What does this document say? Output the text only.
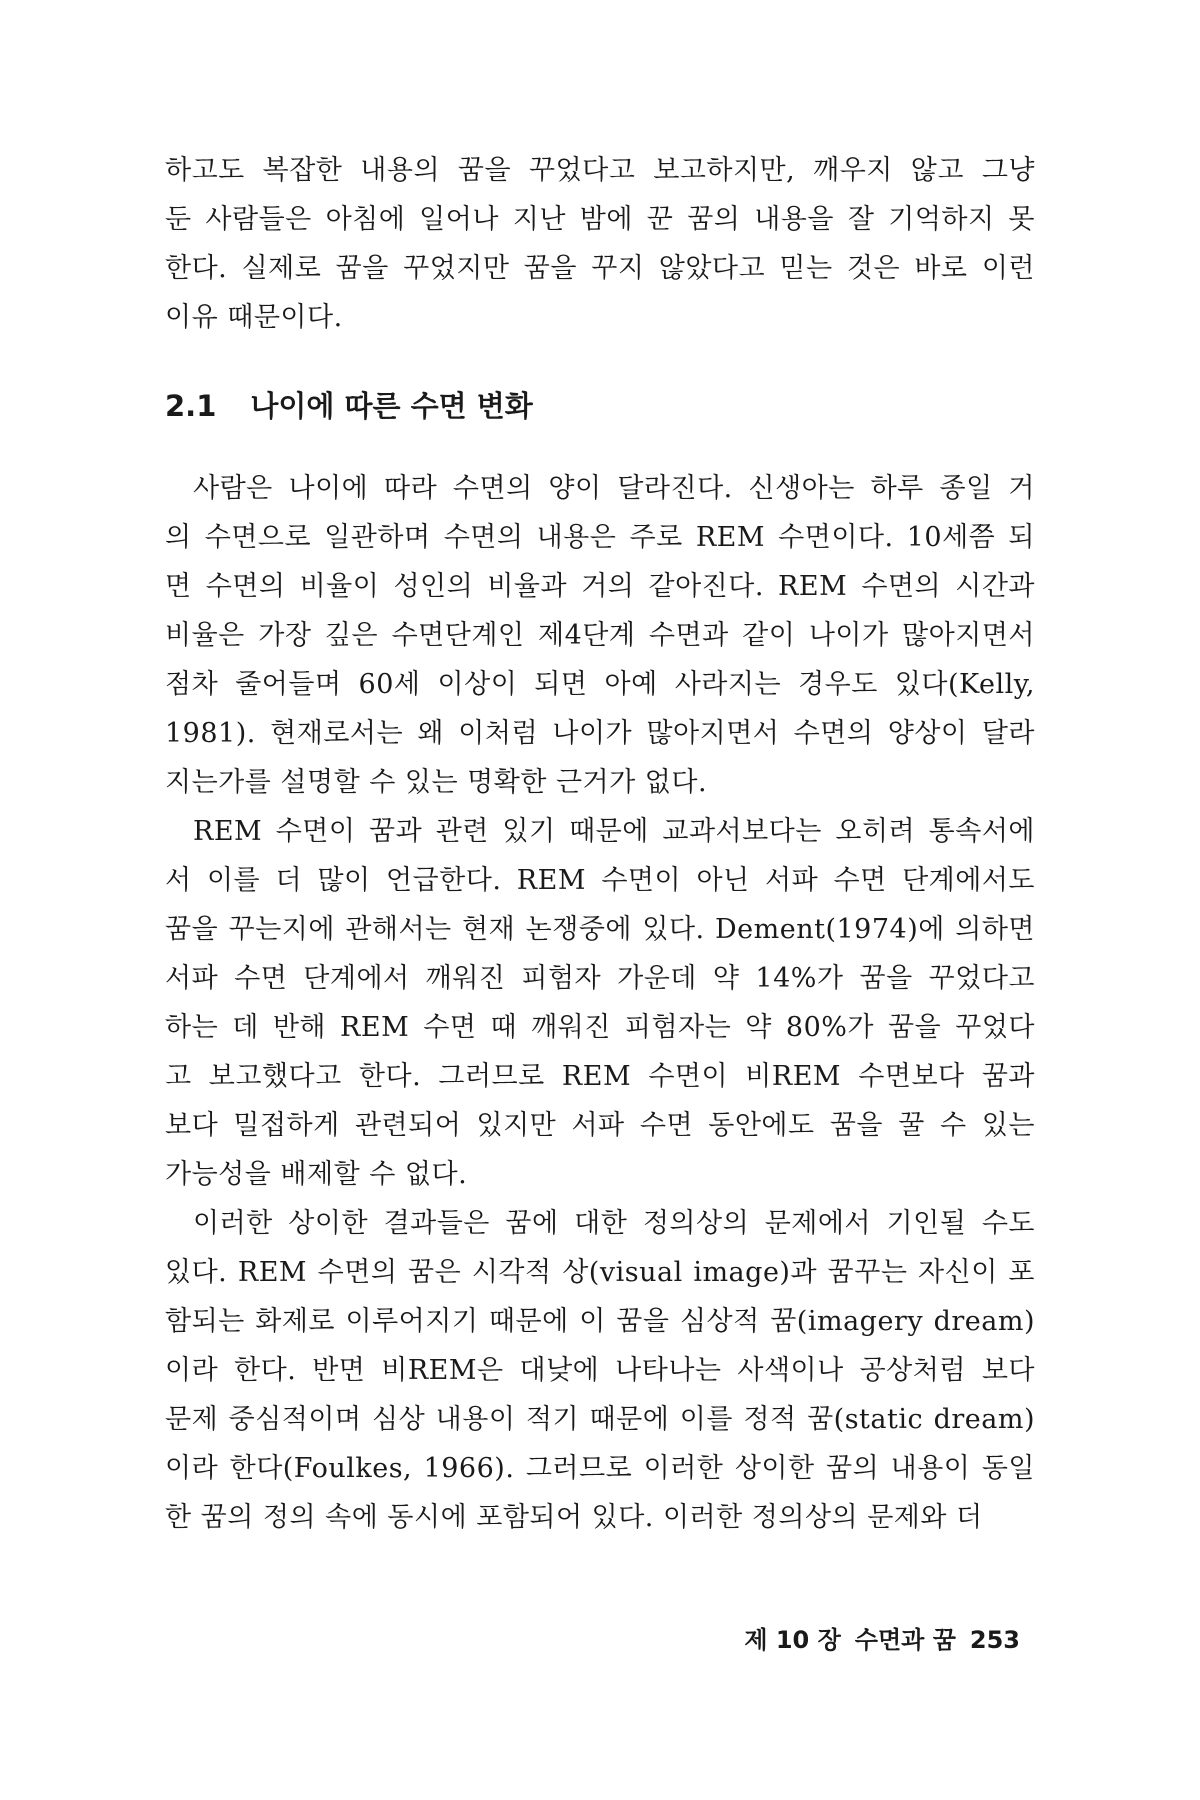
하고도 복잡한 내용의 꿈을 꾸었다고 보고하지만, 깨우지 않고 그냥
둔 사람들은 아침에 일어나 지난 밤에 꾼 꿈의 내용을 잘 기억하지 못
한다. 실제로 꿈을 꾸었지만 꿈을 꾸지 않았다고 믿는 것은 바로 이런
이유 때문이다.
2.1 나이에 따른 수면 변화
사람은 나이에 따라 수면의 양이 달라진다. 신생아는 하루 종일 거
의 수면으로 일관하며 수면의 내용은 주로 REM 수면이다. 10세쯤 되
면 수면의 비율이 성인의 비율과 거의 같아진다. REM 수면의 시간과
비율은 가장 깊은 수면단계인 제4단계 수면과 같이 나이가 많아지면서
점차 줄어들며 60세 이상이 되면 아예 사라지는 경우도 있다(Kelly,
1981). 현재로서는 왜 이처럼 나이가 많아지면서 수면의 양상이 달라
지는가를 설명할 수 있는 명확한 근거가 없다.
REM 수면이 꿈과 관련 있기 때문에 교과서보다는 오히려 통속서에
서 이를 더 많이 언급한다. REM 수면이 아닌 서파 수면 단계에서도
꿈을 꾸는지에 관해서는 현재 논쟁중에 있다. Dement(1974)에 의하면
서파 수면 단계에서 깨워진 피험자 가운데 약 14%가 꿈을 꾸었다고
하는 데 반해 REM 수면 때 깨워진 피험자는 약 80%가 꿈을 꾸었다
고 보고했다고 한다. 그러므로 REM 수면이 비REM 수면보다 꿈과
보다 밀접하게 관련되어 있지만 서파 수면 동안에도 꿈을 꿀 수 있는
가능성을 배제할 수 없다.
이러한 상이한 결과들은 꿈에 대한 정의상의 문제에서 기인될 수도
있다. REM 수면의 꿈은 시각적 상(visual image)과 꿈꾸는 자신이 포
함되는 화제로 이루어지기 때문에 이 꿈을 심상적 꿈(imagery dream)
이라 한다. 반면 비REM은 대낮에 나타나는 사색이나 공상처럼 보다
문제 중심적이며 심상 내용이 적기 때문에 이를 정적 꿈(static dream)
이라 한다(Foulkes, 1966). 그러므로 이러한 상이한 꿈의 내용이 동일
한 꿈의 정의 속에 동시에 포함되어 있다. 이러한 정의상의 문제와 더
제 10 장 수면과 꿈 253
